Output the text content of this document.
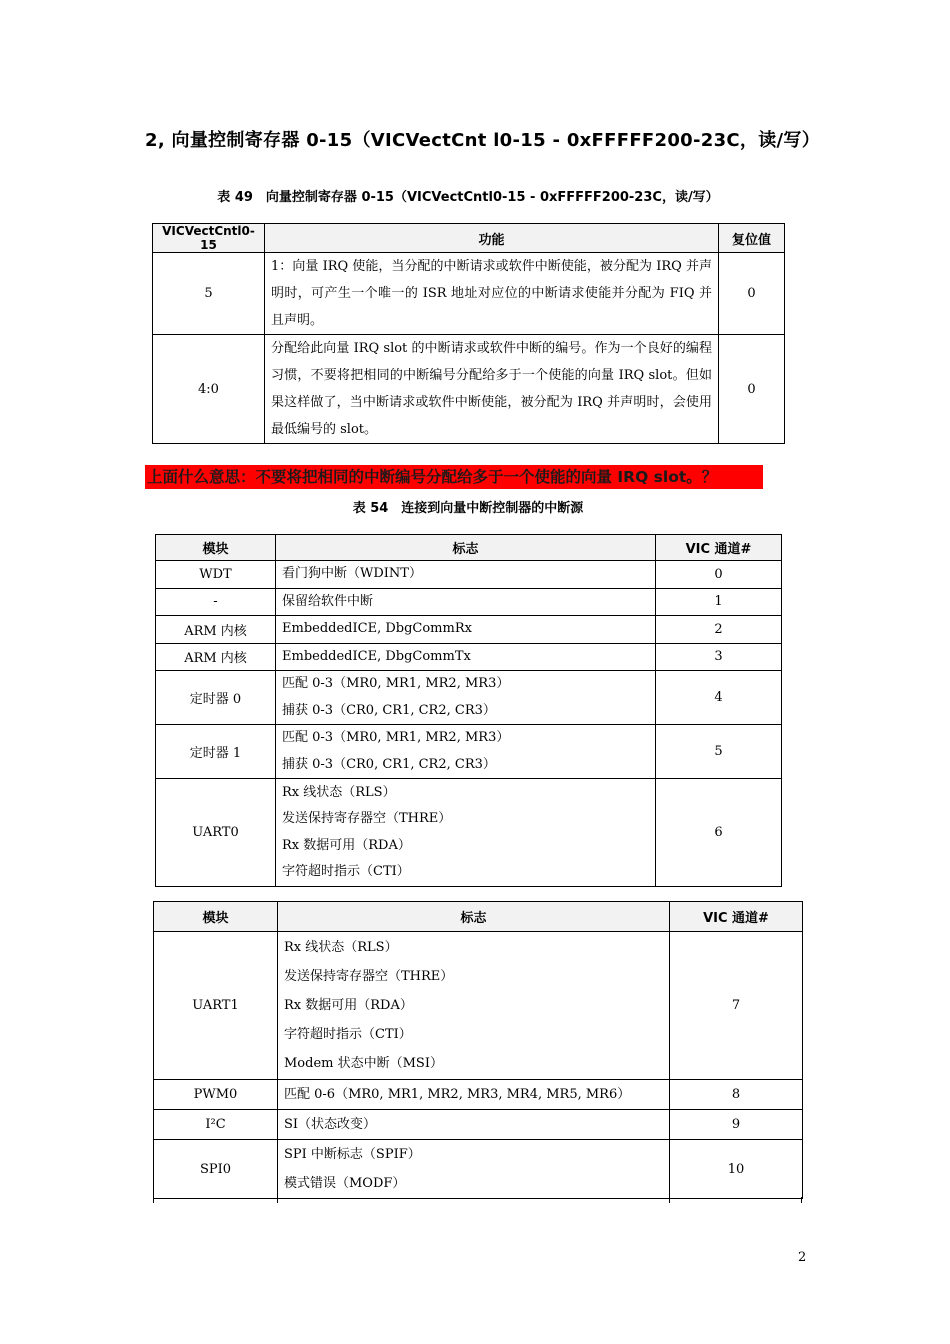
2, 向量控制寄存器 0-15（VICVectCnt l0-15 - 0xFFFFF200-23C，读/写）
表 49　向量控制寄存器 0-15（VICVectCntl0-15 - 0xFFFFF200-23C，读/写）
VICVectCntl0-15	功能	复位值
5	1：向量 IRQ 使能，当分配的中断请求或软件中断使能，被分配为 IRQ 并声明时，可产生一个唯一的 ISR 地址对应位的中断请求使能并分配为 FIQ 并且声明。	0
4:0	分配给此向量 IRQ slot 的中断请求或软件中断的编号。作为一个良好的编程习惯，不要将把相同的中断编号分配给多于一个使能的向量 IRQ slot。但如果这样做了，当中断请求或软件中断使能，被分配为 IRQ 并声明时，会使用最低编号的 slot。	0
上面什么意思：不要将把相同的中断编号分配给多于一个使能的向量 IRQ slot。？
表 54　连接到向量中断控制器的中断源
模块	标志	VIC 通道#
WDT	看门狗中断（WDINT）	0
-	保留给软件中断	1
ARM 内核	EmbeddedICE, DbgCommRx	2
ARM 内核	EmbeddedICE, DbgCommTx	3
定时器 0	匹配 0-3（MR0, MR1, MR2, MR3）
捕获 0-3（CR0, CR1, CR2, CR3）	4
定时器 1	匹配 0-3（MR0, MR1, MR2, MR3）
捕获 0-3（CR0, CR1, CR2, CR3）	5
UART0	Rx 线状态（RLS）
发送保持寄存器空（THRE）
Rx 数据可用（RDA）
字符超时指示（CTI）	6
模块	标志	VIC 通道#
UART1	Rx 线状态（RLS）
发送保持寄存器空（THRE）
Rx 数据可用（RDA）
字符超时指示（CTI）
Modem 状态中断（MSI）	7
PWM0	匹配 0-6（MR0, MR1, MR2, MR3, MR4, MR5, MR6）	8
I²C	SI（状态改变）	9
SPI0	SPI 中断标志（SPIF）
模式错误（MODF）	10
2
